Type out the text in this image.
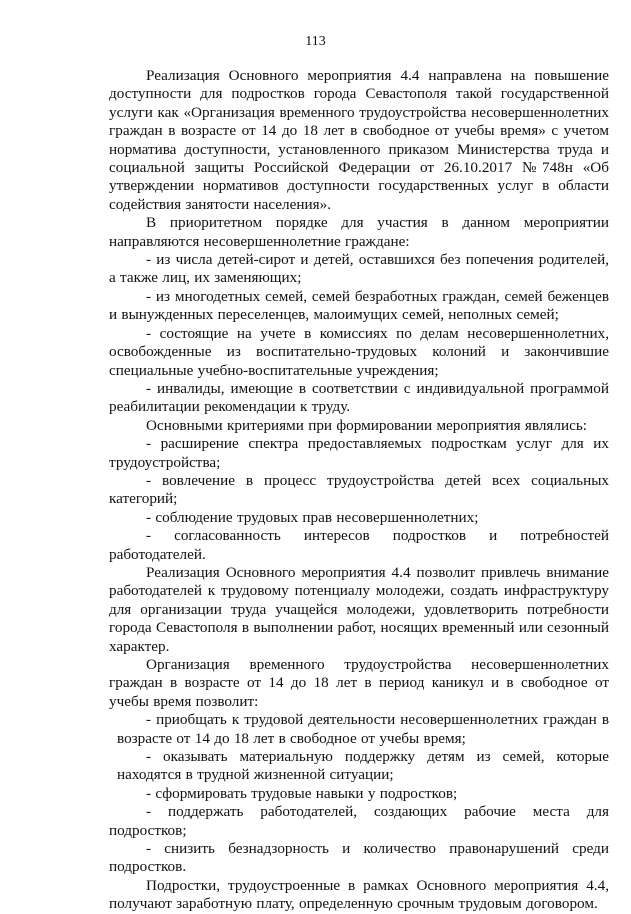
113

Реализация Основного мероприятия 4.4 направлена на повышение доступности для подростков города Севастополя такой государственной услуги как «Организация временного трудоустройства несовершеннолетних граждан в возрасте от 14 до 18 лет в свободное от учебы время» с учетом норматива доступности, установленного приказом Министерства труда и социальной защиты Российской Федерации от 26.10.2017 №748н «Об утверждении нормативов доступности государственных услуг в области содействия занятости населения».

В приоритетном порядке для участия в данном мероприятии направляются несовершеннолетние граждане:

- из числа детей-сирот и детей, оставшихся без попечения родителей, а также лиц, их заменяющих;

- из многодетных семей, семей безработных граждан, семей беженцев и вынужденных переселенцев, малоимущих семей, неполных семей;

- состоящие на учете в комиссиях по делам несовершеннолетних, освобожденные из воспитательно-трудовых колоний и закончившие специальные учебно-воспитательные учреждения;

- инвалиды, имеющие в соответствии с индивидуальной программой реабилитации рекомендации к труду.

Основными критериями при формировании мероприятия являлись:

- расширение спектра предоставляемых подросткам услуг для их трудоустройства;

- вовлечение в процесс трудоустройства детей всех социальных категорий;

- соблюдение трудовых прав несовершеннолетних;

- согласованность интересов подростков и потребностей работодателей.

Реализация Основного мероприятия 4.4 позволит привлечь внимание работодателей к трудовому потенциалу молодежи, создать инфраструктуру для организации труда учащейся молодежи, удовлетворить потребности города Севастополя в выполнении работ, носящих временный или сезонный характер.

Организация временного трудоустройства несовершеннолетних граждан в возрасте от 14 до 18 лет в период каникул и в свободное от учебы время позволит:

- приобщать к трудовой деятельности несовершеннолетних граждан в возрасте от 14 до 18 лет в свободное от учебы время;

- оказывать материальную поддержку детям из семей, которые находятся в трудной жизненной ситуации;

- сформировать трудовые навыки у подростков;

- поддержать работодателей, создающих рабочие места для подростков;

- снизить безнадзорность и количество правонарушений среди подростков.

Подростки, трудоустроенные в рамках Основного мероприятия 4.4, получают заработную плату, определенную срочным трудовым договором.
